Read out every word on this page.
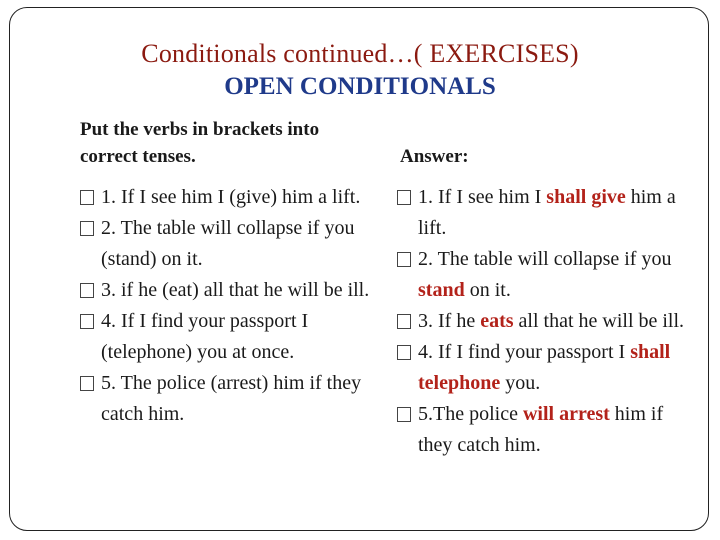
Conditionals continued…( EXERCISES)
OPEN CONDITIONALS
Put the verbs in brackets into correct tenses.	Answer:
1. If I see him I (give) him a lift.
2. The table will collapse if you (stand) on it.
3. if he (eat) all that he will be ill.
4. If I find your passport I (telephone) you at once.
5. The police (arrest) him if they catch him.
1. If I see him I shall give him a lift.
2. The table will collapse if you stand on it.
3. If he eats all that he will be ill.
4. If I find your passport I shall telephone you.
5.The police will arrest him if they catch him.
